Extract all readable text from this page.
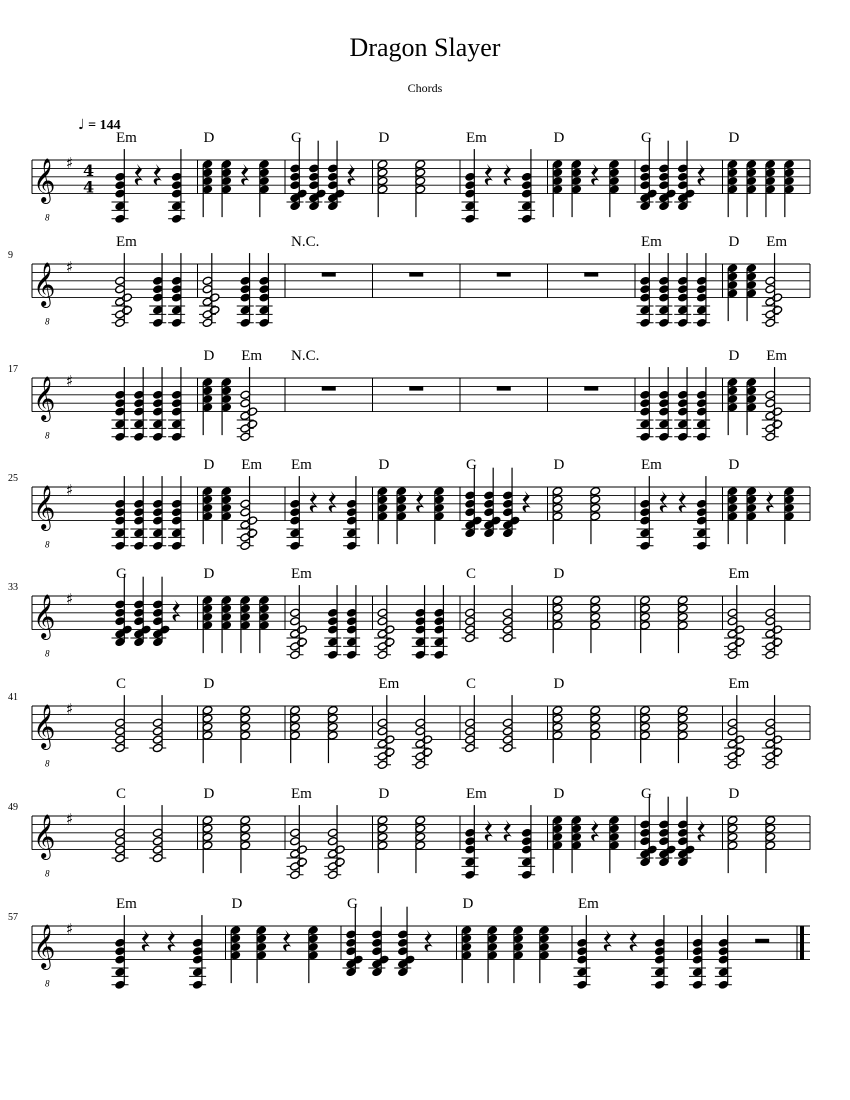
Dragon Slayer
Chords
♩ = 144
𝄞
8
♯ 4
4
Em	D	G	D	Em	D	G	D
𝄞
8
♯
9
Em	N.C.	Em	D Em
𝄞
8
♯
17
D Em N.C.	D Em
𝄞
8
♯
25
D Em Em	D	G	D	Em	D
𝄞
8
♯
33
G	D	Em	C	D	Em
𝄞
8
♯
41
C	D	Em	C	D	Em
𝄞
8
♯
49
C	D	Em	D	Em	D	G	D
𝄞
8
♯
57
Em	D	G	D	Em
